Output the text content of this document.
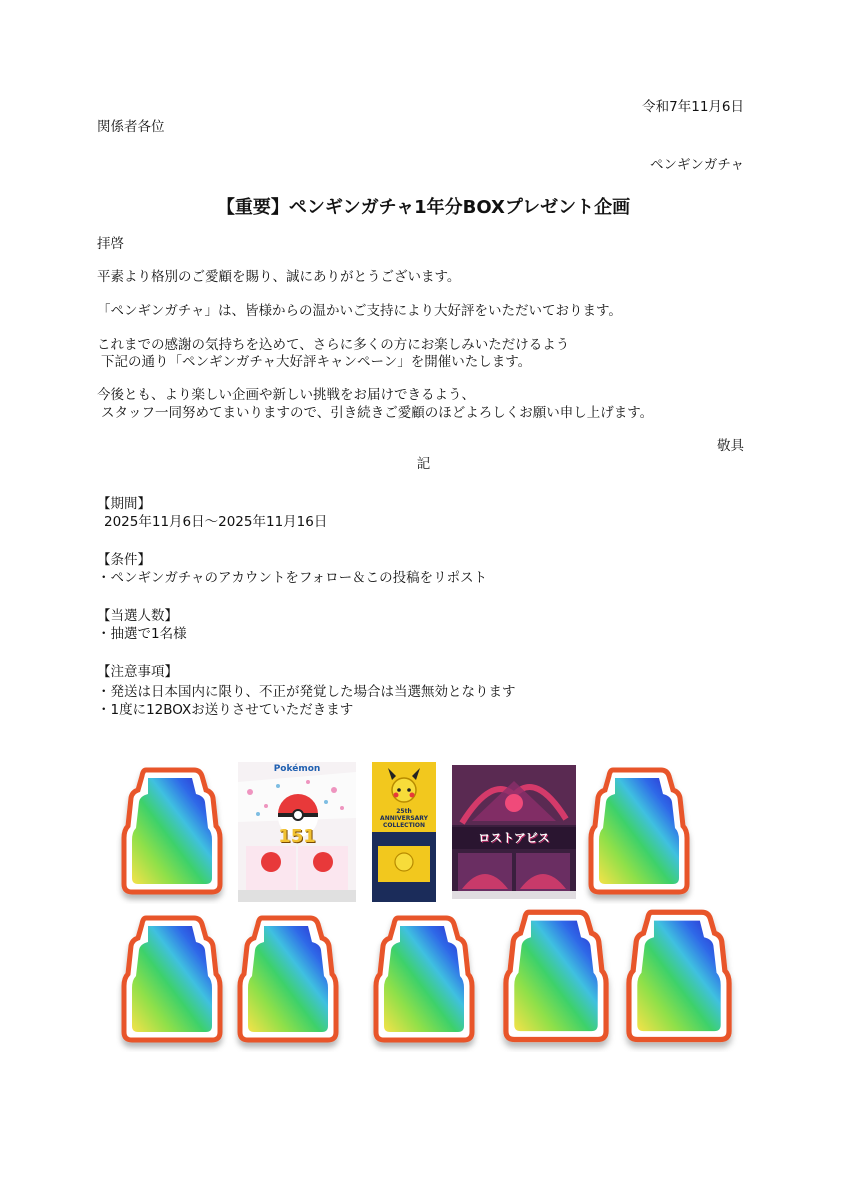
令和7年11月6日
関係者各位
ペンギンガチャ
【重要】ペンギンガチャ1年分BOXプレゼント企画
拝啓
平素より格別のご愛顧を賜り、誠にありがとうございます。
「ペンギンガチャ」は、皆様からの温かいご支持により大好評をいただいております。
これまでの感謝の気持ちを込めて、さらに多くの方にお楽しみいただけるよう
下記の通り「ペンギンガチャ大好評キャンペーン」を開催いたします。
今後とも、より楽しい企画や新しい挑戦をお届けできるよう、
スタッフ一同努めてまいりますので、引き続きご愛顧のほどよろしくお願い申し上げます。
敬具
記
【期間】
2025年11月6日～2025年11月16日
【条件】
・ペンギンガチャのアカウントをフォロー＆この投稿をリポスト
【当選人数】
・抽選で1名様
【注意事項】
・発送は日本国内に限り、不正が発覚した場合は当選無効となります
・1度に12BOXお送りさせていただきます
Pokémon
151
25th ANNIVERSARY COLLECTION
ロストアビス
